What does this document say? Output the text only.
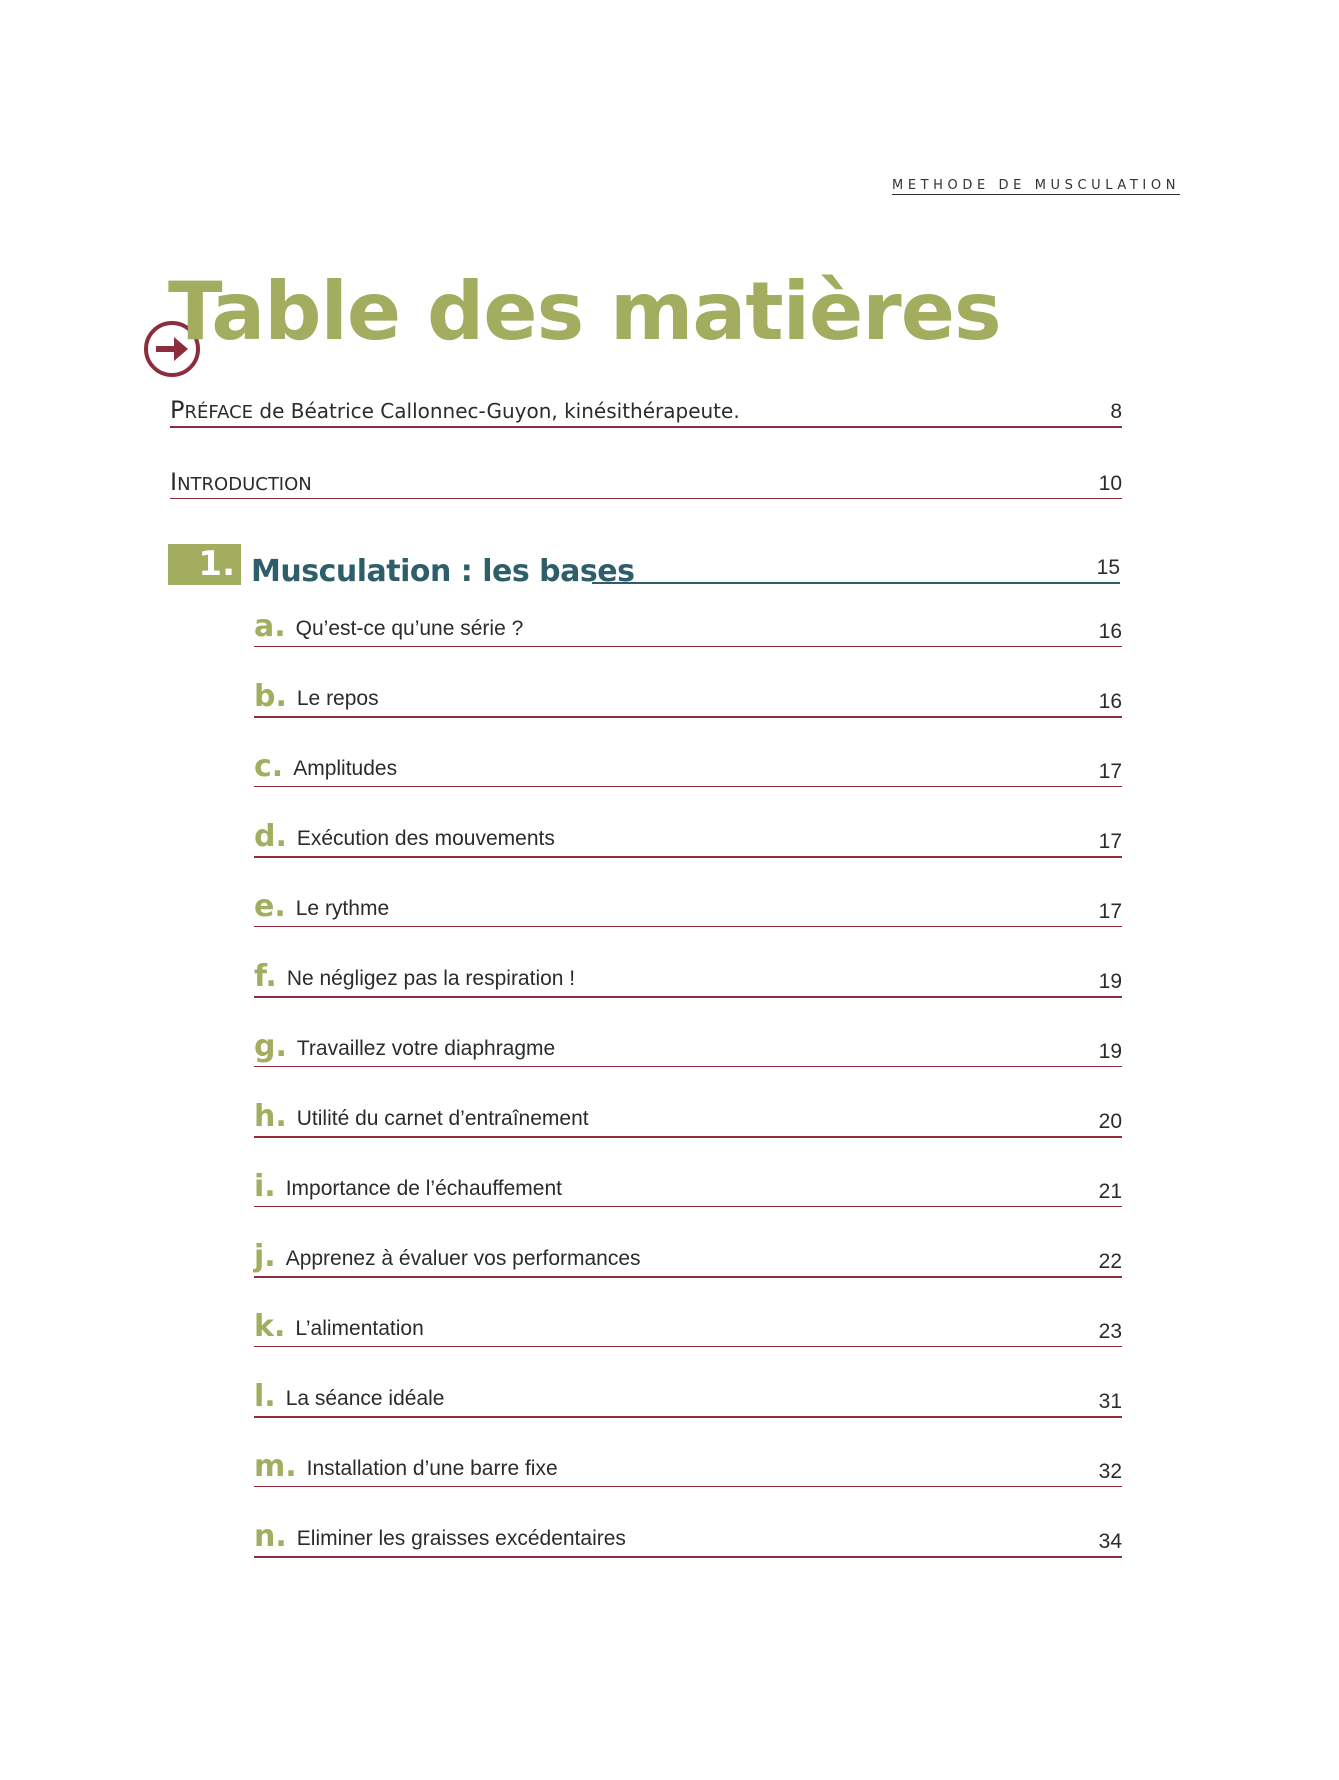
METHODE DE MUSCULATION
Table des matières
PRÉFACE de Béatrice Callonnec-Guyon, kinésithérapeute.	8
INTRODUCTION	10
1. Musculation : les bases	15
a. Qu’est-ce qu’une série ?	16
b. Le repos	16
c. Amplitudes	17
d. Exécution des mouvements	17
e. Le rythme	17
f. Ne négligez pas la respiration !	19
g. Travaillez votre diaphragme	19
h. Utilité du carnet d’entraînement	20
i. Importance de l’échauffement	21
j. Apprenez à évaluer vos performances	22
k. L’alimentation	23
l. La séance idéale	31
m. Installation d’une barre fixe	32
n. Eliminer les graisses excédentaires	34
